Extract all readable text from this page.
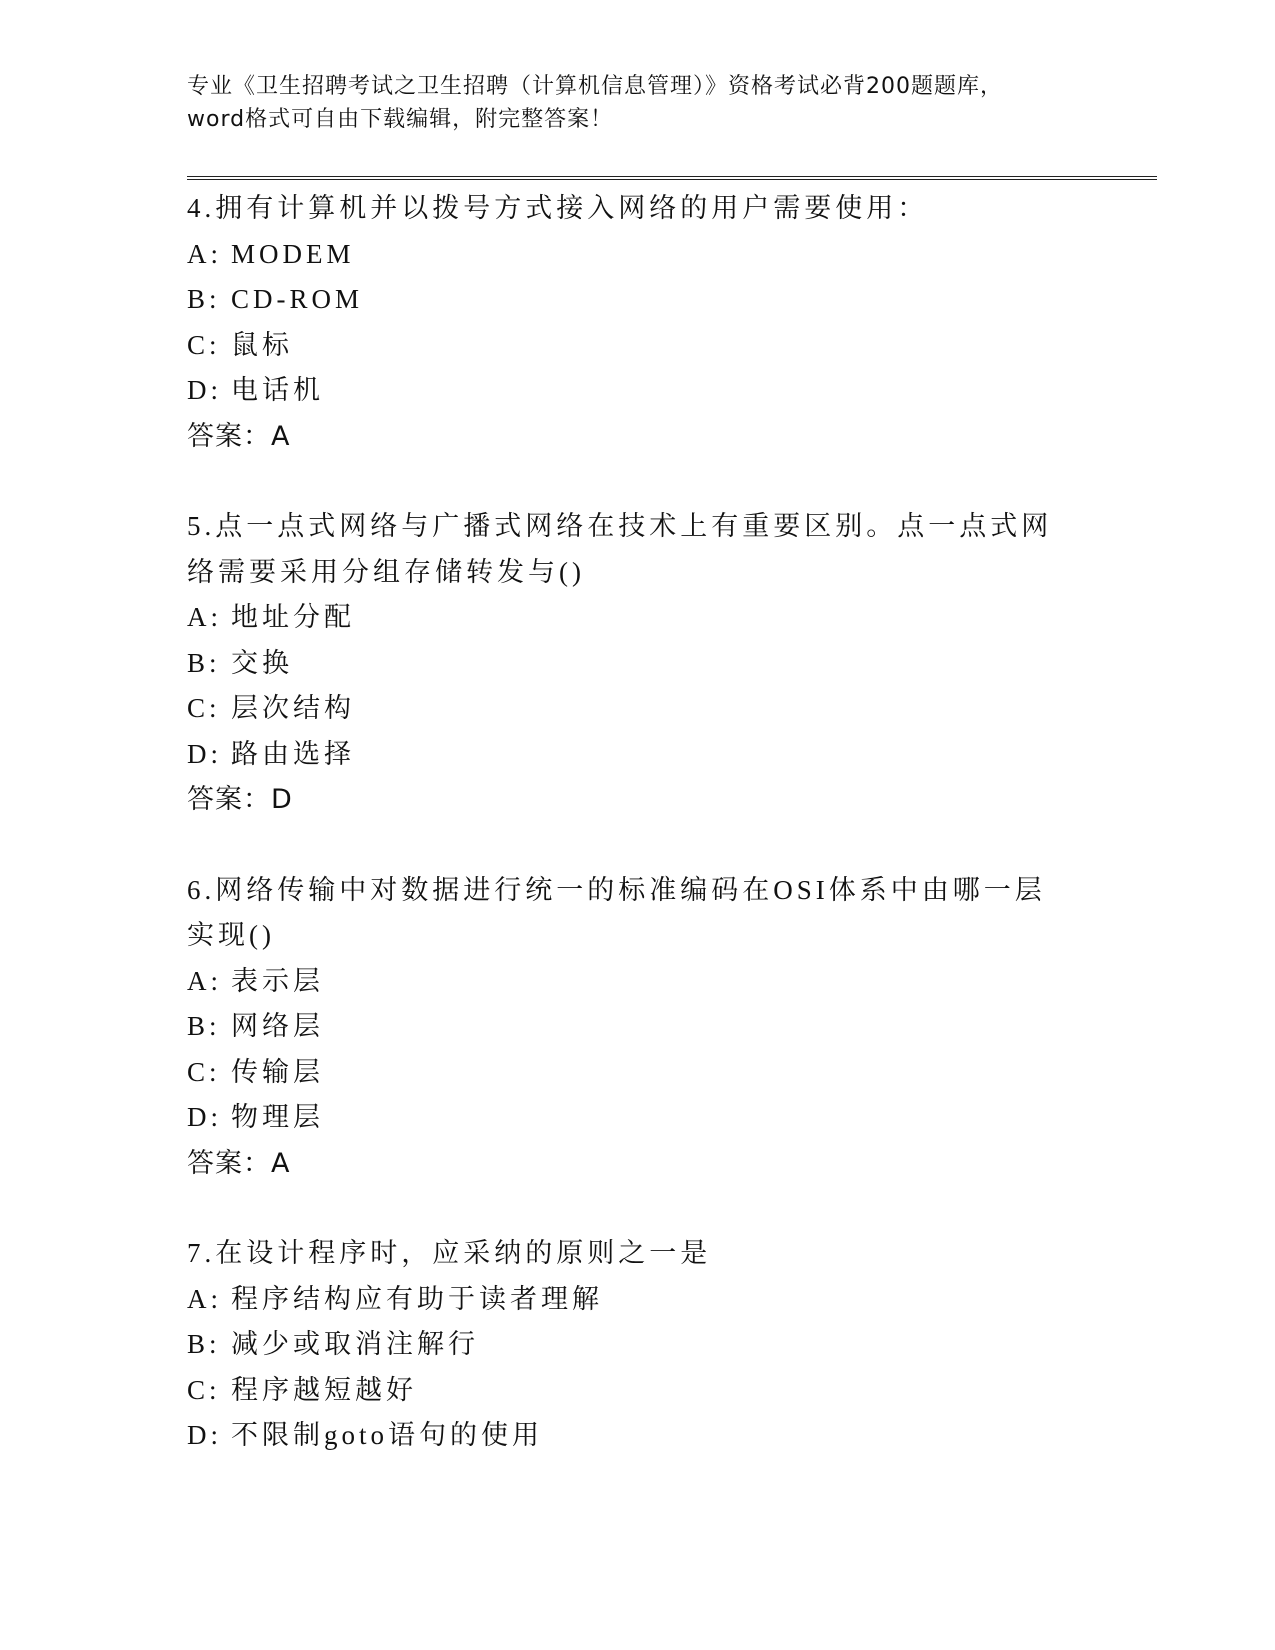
专业《卫生招聘考试之卫生招聘（计算机信息管理）》资格考试必背200题题库，

word格式可自由下载编辑，附完整答案！

4.拥有计算机并以拨号方式接入网络的用户需要使用：

A: MODEM

B: CD-ROM

C: 鼠标

D: 电话机

答案：A

5.点一点式网络与广播式网络在技术上有重要区别。点一点式网络需要采用分组存储转发与()

A: 地址分配

B: 交换

C: 层次结构

D: 路由选择

答案：D

6.网络传输中对数据进行统一的标准编码在OSI体系中由哪一层实现()

A: 表示层

B: 网络层

C: 传输层

D: 物理层

答案：A

7.在设计程序时，应采纳的原则之一是

A: 程序结构应有助于读者理解

B: 减少或取消注解行

C: 程序越短越好

D: 不限制goto语句的使用
